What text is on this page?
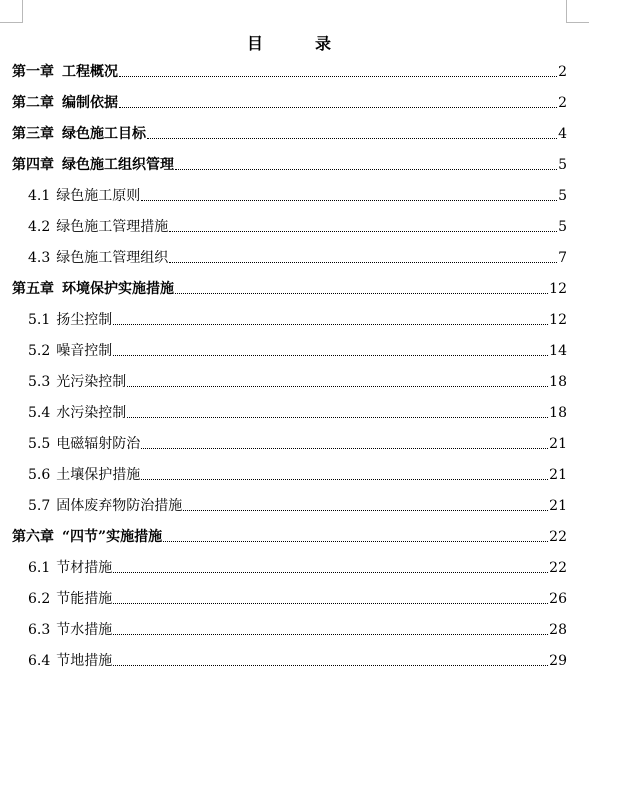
目　录
第一章 工程概况	2
第二章 编制依据	2
第三章 绿色施工目标	4
第四章 绿色施工组织管理	5
4.1 绿色施工原则	5
4.2 绿色施工管理措施	5
4.3 绿色施工管理组织	7
第五章 环境保护实施措施	12
5.1 扬尘控制	12
5.2 噪音控制	14
5.3 光污染控制	18
5.4 水污染控制	18
5.5 电磁辐射防治	21
5.6 土壤保护措施	21
5.7 固体废弃物防治措施	21
第六章 “四节”实施措施	22
6.1 节材措施	22
6.2 节能措施	26
6.3 节水措施	28
6.4 节地措施	29
